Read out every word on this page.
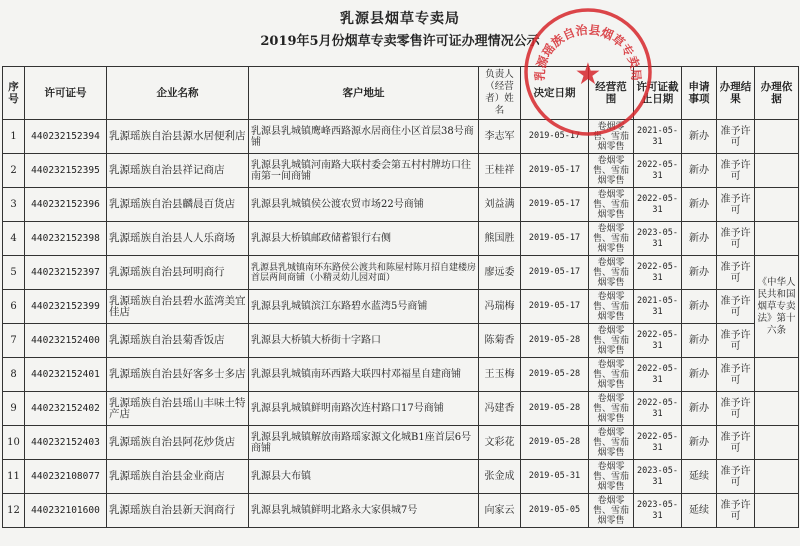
乳源县烟草专卖局
2019年5月份烟草专卖零售许可证办理情况公示
序号	许可证号	企业名称	客户地址	负责人（经营者）姓名	决定日期	经营范围	许可证截止日期	申请事项	办理结果	办理依据
1	440232152394	乳源瑶族自治县源水居便利店	乳源县乳城镇鹰峰西路源水居商住小区首层38号商铺	李志军	2019-05-17	卷烟零售、雪茄烟零售	2021-05-31	新办	准予许可	
2	440232152395	乳源瑶族自治县祥记商店	乳源县乳城镇河南路大联村委会第五村村牌坊口往南第一间商铺	王桂祥	2019-05-17	卷烟零售、雪茄烟零售	2022-05-31	新办	准予许可	
3	440232152396	乳源瑶族自治县麟晨百货店	乳源县乳城镇侯公渡农贸市场22号商铺	刘益满	2019-05-17	卷烟零售、雪茄烟零售	2022-05-31	新办	准予许可	
4	440232152398	乳源瑶族自治县人人乐商场	乳源县大桥镇邮政储蓄银行右侧	熊国胜	2019-05-17	卷烟零售、雪茄烟零售	2023-05-31	新办	准予许可	
5	440232152397	乳源瑶族自治县珂明商行	乳源县乳城镇南环东路侯公渡共和陈屋村陈月招自建楼房首层两间商铺（小精灵幼儿园对面）	廖远委	2019-05-17	卷烟零售、雪茄烟零售	2022-05-31	新办	准予许可	《中华人民共和国烟草专卖法》第十六条
6	440232152399	乳源瑶族自治县碧水蓝湾美宜佳店	乳源县乳城镇滨江东路碧水蓝湾5号商铺	冯瑞梅	2019-05-17	卷烟零售、雪茄烟零售	2021-05-31	新办	准予许可	
7	440232152400	乳源瑶族自治县菊香饭店	乳源县大桥镇大桥街十字路口	陈菊香	2019-05-28	卷烟零售、雪茄烟零售	2022-05-31	新办	准予许可	
8	440232152401	乳源瑶族自治县好客多士多店	乳源县乳城镇南环西路大联四村邓福星自建商铺	王玉梅	2019-05-28	卷烟零售、雪茄烟零售	2022-05-31	新办	准予许可	
9	440232152402	乳源瑶族自治县瑶山丰味土特产店	乳源县乳城镇鲜明南路次连村路口17号商铺	冯建香	2019-05-28	卷烟零售、雪茄烟零售	2022-05-31	新办	准予许可	
10	440232152403	乳源瑶族自治县阿花炒货店	乳源县乳城镇解放南路瑶家源文化城B1座首层6号商铺	文彩花	2019-05-28	卷烟零售、雪茄烟零售	2022-05-31	新办	准予许可	
11	440232108077	乳源瑶族自治县金业商店	乳源县大布镇	张金成	2019-05-31	卷烟零售、雪茄烟零售	2023-05-31	延续	准予许可	
12	440232101600	乳源瑶族自治县新天润商行	乳源县乳城镇鲜明北路永大家俱城7号	向家云	2019-05-05	卷烟零售、雪茄烟零售	2023-05-31	延续	准予许可	
乳源瑶族自治县烟草专卖局
★
